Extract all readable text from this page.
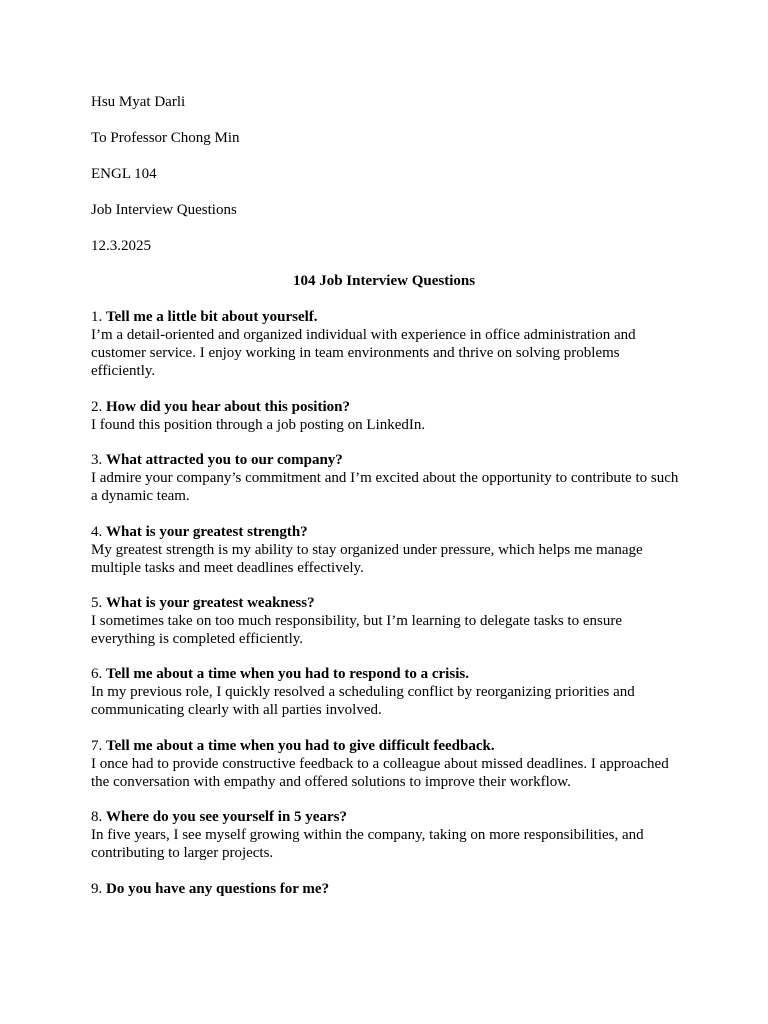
Hsu Myat Darli
To Professor Chong Min
ENGL 104
Job Interview Questions
12.3.2025
104 Job Interview Questions
1. Tell me a little bit about yourself.
I’m a detail-oriented and organized individual with experience in office administration and customer service. I enjoy working in team environments and thrive on solving problems efficiently.
2. How did you hear about this position?
I found this position through a job posting on LinkedIn.
3. What attracted you to our company?
I admire your company’s commitment and I’m excited about the opportunity to contribute to such a dynamic team.
4. What is your greatest strength?
My greatest strength is my ability to stay organized under pressure, which helps me manage multiple tasks and meet deadlines effectively.
5. What is your greatest weakness?
I sometimes take on too much responsibility, but I’m learning to delegate tasks to ensure everything is completed efficiently.
6. Tell me about a time when you had to respond to a crisis.
In my previous role, I quickly resolved a scheduling conflict by reorganizing priorities and communicating clearly with all parties involved.
7. Tell me about a time when you had to give difficult feedback.
I once had to provide constructive feedback to a colleague about missed deadlines. I approached the conversation with empathy and offered solutions to improve their workflow.
8. Where do you see yourself in 5 years?
In five years, I see myself growing within the company, taking on more responsibilities, and contributing to larger projects.
9. Do you have any questions for me?
